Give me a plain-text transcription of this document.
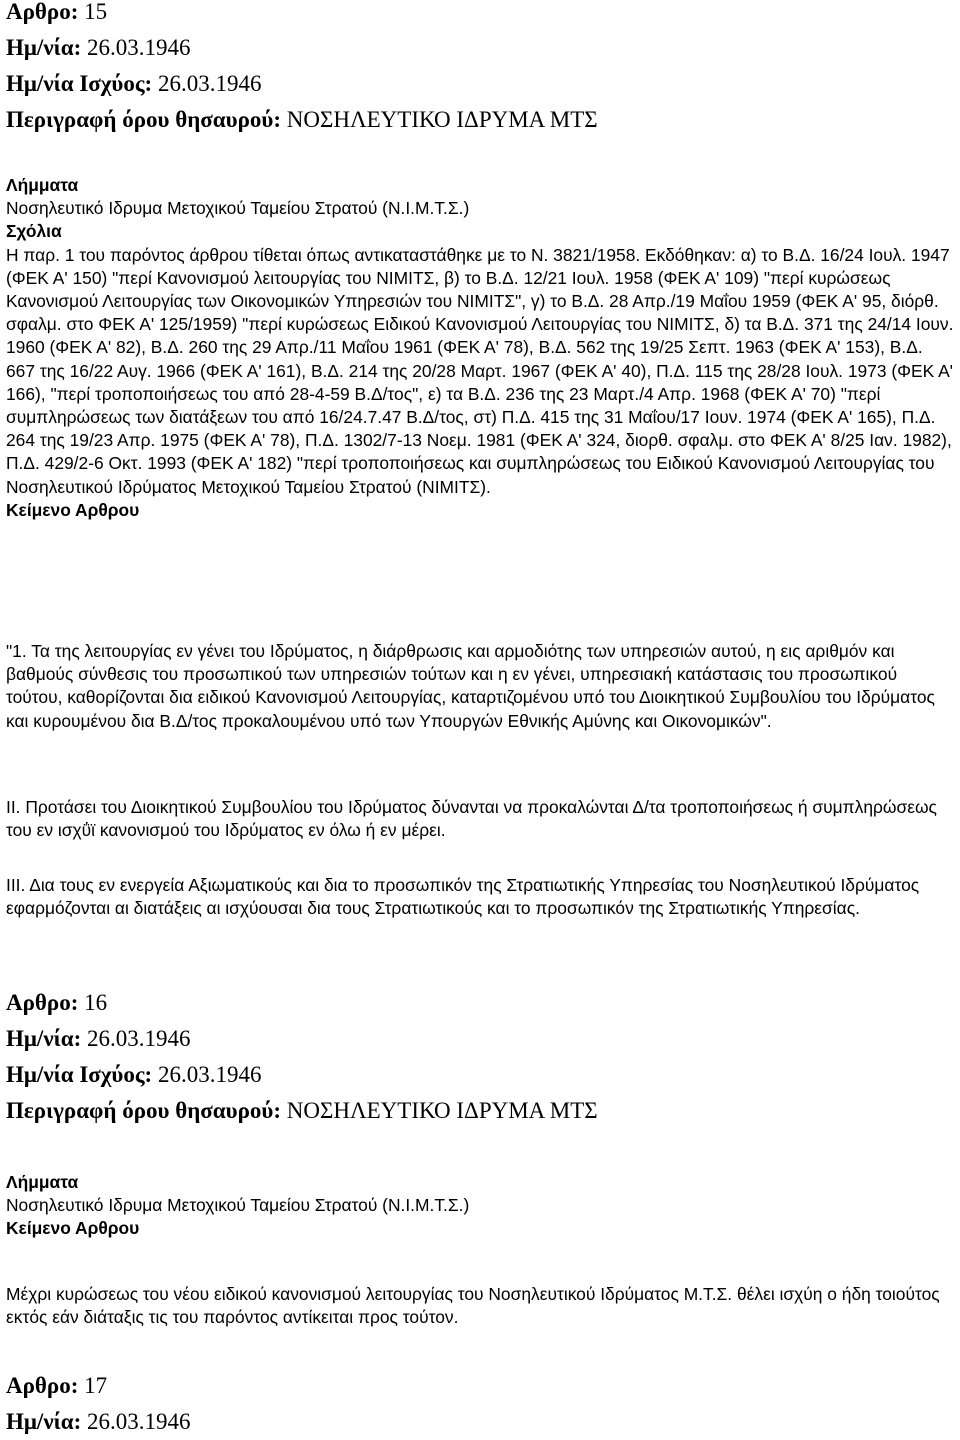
Αρθρο: 15
Ημ/νία: 26.03.1946
Ημ/νία Ισχύος: 26.03.1946
Περιγραφή όρου θησαυρού: ΝΟΣΗΛΕΥΤΙΚΟ ΙΔΡΥΜΑ ΜΤΣ
Λήμματα
Νοσηλευτικό Ιδρυμα Μετοχικού Ταμείου Στρατού (Ν.Ι.Μ.Τ.Σ.)
Σχόλια

Η παρ. 1 του παρόντος άρθρου τίθεται όπως αντικαταστάθηκε με το Ν. 3821/1958. Εκδόθηκαν: α) το Β.Δ. 16/24 Ιουλ. 1947 (ΦΕΚ Α' 150) "περί Κανονισμού λειτουργίας του ΝΙΜΙΤΣ, β) το Β.Δ. 12/21 Ιουλ. 1958 (ΦΕΚ Α' 109) "περί κυρώσεως Κανονισμού Λειτουργίας των Οικονομικών Υπηρεσιών του ΝΙΜΙΤΣ", γ) το Β.Δ. 28 Απρ./19 Μαΐου 1959 (ΦΕΚ Α' 95, διόρθ. σφαλμ. στο ΦΕΚ Α' 125/1959) "περί κυρώσεως Ειδικού Κανονισμού Λειτουργίας του ΝΙΜΙΤΣ, δ) τα Β.Δ. 371 της 24/14 Ιουν. 1960 (ΦΕΚ Α' 82), Β.Δ. 260 της 29 Απρ./11 Μαΐου 1961 (ΦΕΚ Α' 78), Β.Δ. 562 της 19/25 Σεπτ. 1963 (ΦΕΚ Α' 153), Β.Δ. 667 της 16/22 Αυγ. 1966 (ΦΕΚ Α' 161), Β.Δ. 214 της 20/28 Μαρτ. 1967 (ΦΕΚ Α' 40), Π.Δ. 115 της 28/28 Ιουλ. 1973 (ΦΕΚ Α' 166), "περί τροποποιήσεως του από 28-4-59 Β.Δ/τος", ε) τα Β.Δ. 236 της 23 Μαρτ./4 Απρ. 1968 (ΦΕΚ Α' 70) "περί συμπληρώσεως των διατάξεων του από 16/24.7.47 Β.Δ/τος, στ) Π.Δ. 415 της 31 Μαΐου/17 Ιουν. 1974 (ΦΕΚ Α' 165), Π.Δ. 264 της 19/23 Απρ. 1975 (ΦΕΚ Α' 78), Π.Δ. 1302/7-13 Νοεμ. 1981 (ΦΕΚ Α' 324, διορθ. σφαλμ. στο ΦΕΚ Α' 8/25 Ιαν. 1982), Π.Δ. 429/2-6 Οκτ. 1993 (ΦΕΚ Α' 182) "περί τροποποιήσεως και συμπληρώσεως του Ειδικού Κανονισμού Λειτουργίας του Νοσηλευτικού Ιδρύματος Μετοχικού Ταμείου Στρατού (ΝΙΜΙΤΣ).

Κείμενο Αρθρου

"1. Τα της λειτουργίας εν γένει του Ιδρύματος, η διάρθρωσις και αρμοδιότης των υπηρεσιών αυτού, η εις αριθμόν και βαθμούς σύνθεσις του προσωπικού των υπηρεσιών τούτων και η εν γένει, υπηρεσιακή κατάστασις του προσωπικού τούτου, καθορίζονται δια ειδικού Κανονισμού Λειτουργίας, καταρτιζομένου υπό του Διοικητικού Συμβουλίου του Ιδρύματος και κυρουμένου δια Β.Δ/τος προκαλουμένου υπό των Υπουργών Εθνικής Αμύνης και Οικονομικών".

ΙΙ. Προτάσει του Διοικητικού Συμβουλίου του Ιδρύματος δύνανται να προκαλώνται Δ/τα τροποποιήσεως ή συμπληρώσεως του εν ισχΰϊ κανονισμού του Ιδρύματος εν όλω ή εν μέρει.

ΙΙΙ. Δια τους εν ενεργεία Αξιωματικούς και δια το προσωπικόν της Στρατιωτικής Υπηρεσίας του Νοσηλευτικού Ιδρύματος εφαρμόζονται αι διατάξεις αι ισχύουσαι δια τους Στρατιωτικούς και το προσωπικόν της Στρατιωτικής Υπηρεσίας.

Αρθρο: 16
Ημ/νία: 26.03.1946
Ημ/νία Ισχύος: 26.03.1946
Περιγραφή όρου θησαυρού: ΝΟΣΗΛΕΥΤΙΚΟ ΙΔΡΥΜΑ ΜΤΣ
Λήμματα
Νοσηλευτικό Ιδρυμα Μετοχικού Ταμείου Στρατού (Ν.Ι.Μ.Τ.Σ.)
Κείμενο Αρθρου

Μέχρι κυρώσεως του νέου ειδικού κανονισμού λειτουργίας του Νοσηλευτικού Ιδρύματος Μ.Τ.Σ. θέλει ισχύη ο ήδη τοιούτος εκτός εάν διάταξις τις του παρόντος αντίκειται προς τούτον.

Αρθρο: 17
Ημ/νία: 26.03.1946
